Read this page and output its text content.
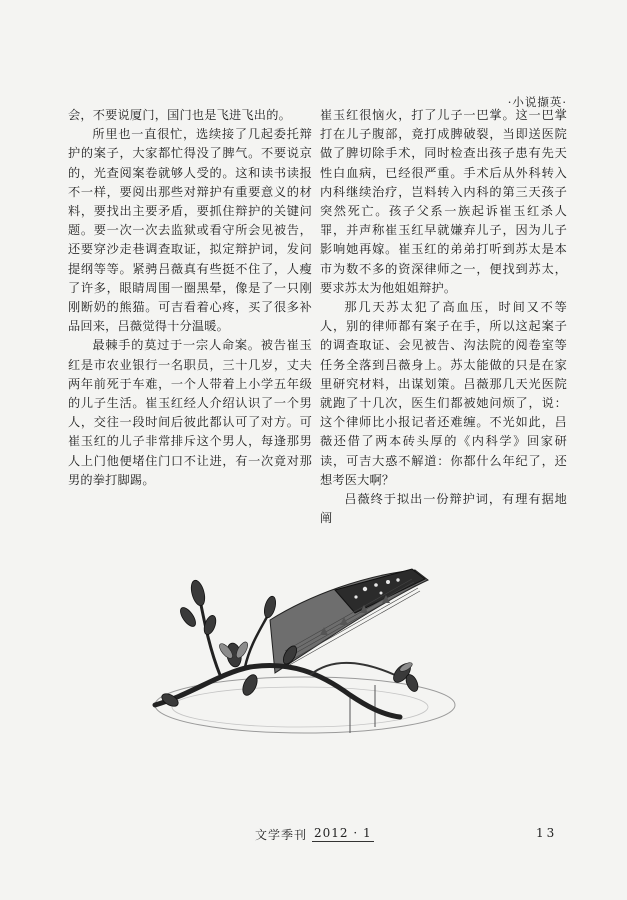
·小说撷英·

会，不要说厦门，国门也是飞进飞出的。

所里也一直很忙，选续接了几起委托辩护的案子，大家都忙得没了脾气。不要说京的，光查阅案卷就够人受的。这和读书读报不一样，要阅出那些对辩护有重要意义的材料，要找出主要矛盾，要抓住辩护的关键问题。要一次一次去监狱或看守所会见被告，还要穿沙走巷调查取证，拟定辩护词，发问提纲等等。紧骋吕薇真有些挺不住了，人瘦了许多，眼睛周围一圈黑晕，像是了一只刚刚断奶的熊猫。可吉看着心疼，买了很多补品回来，吕薇觉得十分温暖。

最棘手的莫过于一宗人命案。被告崔玉红是市农业银行一名职员，三十几岁，丈夫两年前死于车难，一个人带着上小学五年级的儿子生活。崔玉红经人介绍认识了一个男人，交往一段时间后彼此都认可了对方。可崔玉红的儿子非常排斥这个男人，每逢那男人上门他便堵住门口不让进，有一次竟对那男的拳打脚踢。

崔玉红很恼火，打了儿子一巴掌。这一巴掌打在儿子腹部，竟打成脾破裂，当即送医院做了脾切除手术，同时检查出孩子患有先天性白血病，已经很严重。手术后从外科转入内科继续治疗，岂料转入内科的第三天孩子突然死亡。孩子父系一族起诉崔玉红杀人罪，并声称崔玉红早就嫌弃儿子，因为儿子影响她再嫁。崔玉红的弟弟打听到苏太是本市为数不多的资深律师之一，便找到苏太，要求苏太为他姐姐辩护。

那几天苏太犯了高血压，时间又不等人，别的律师都有案子在手，所以这起案子的调查取证、会见被告、沟法院的阅卷室等任务全落到吕薇身上。苏太能做的只是在家里研究材料，出谋划策。吕薇那几天光医院就跑了十几次，医生们都被她问烦了，说：这个律师比小报记者还难缠。不光如此，吕薇还借了两本砖头厚的《内科学》回家研读，可吉大惑不解道：你都什么年纪了，还想考医大啊？

吕薇终于拟出一份辩护词，有理有据地阐

文学季刊 2012 · 1	13
